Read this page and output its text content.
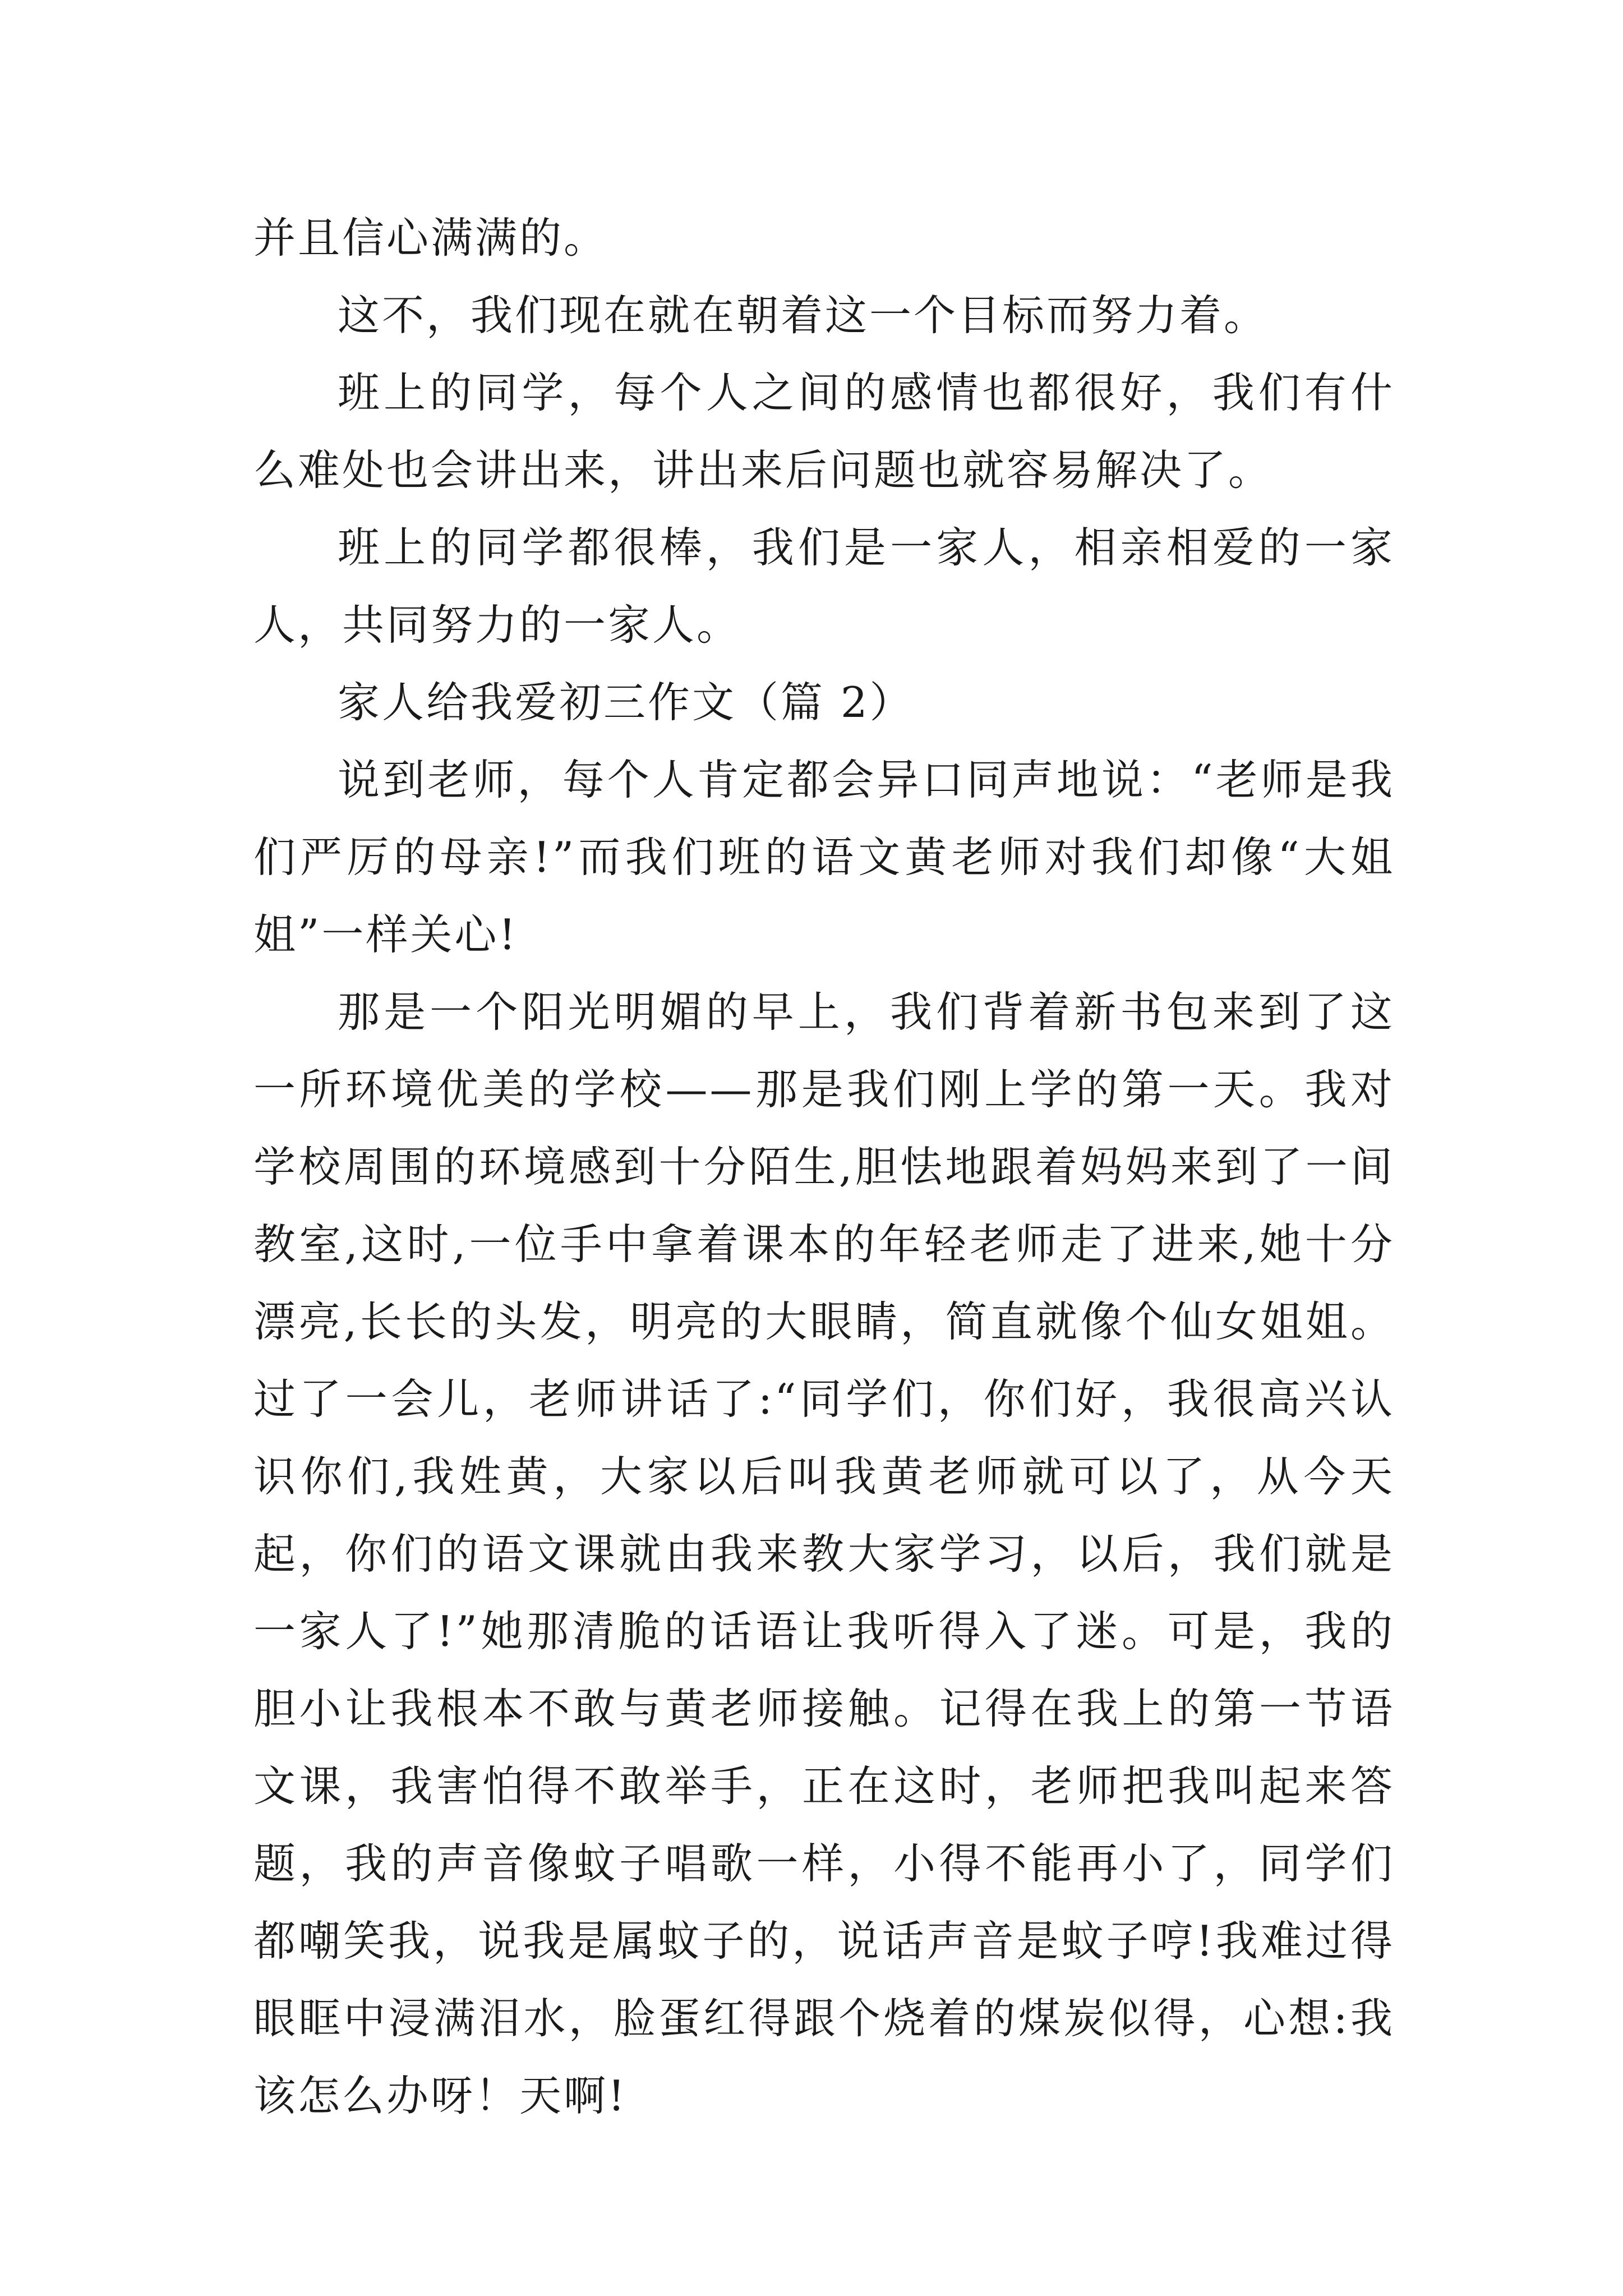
并且信心满满的。

这不，我们现在就在朝着这一个目标而努力着。

班上的同学，每个人之间的感情也都很好，我们有什么难处也会讲出来，讲出来后问题也就容易解决了。

班上的同学都很棒，我们是一家人，相亲相爱的一家人，共同努力的一家人。

家人给我爱初三作文（篇 2）

说到老师，每个人肯定都会异口同声地说：“老师是我们严厉的母亲!”而我们班的语文黄老师对我们却像“大姐姐”一样关心!

那是一个阳光明媚的早上，我们背着新书包来到了这一所环境优美的学校——那是我们刚上学的第一天。我对学校周围的环境感到十分陌生,胆怯地跟着妈妈来到了一间教室,这时,一位手中拿着课本的年轻老师走了进来,她十分漂亮,长长的头发，明亮的大眼睛，简直就像个仙女姐姐。过了一会儿，老师讲话了:“同学们，你们好，我很高兴认识你们,我姓黄，大家以后叫我黄老师就可以了，从今天起，你们的语文课就由我来教大家学习，以后，我们就是一家人了!”她那清脆的话语让我听得入了迷。可是，我的胆小让我根本不敢与黄老师接触。记得在我上的第一节语文课，我害怕得不敢举手，正在这时，老师把我叫起来答题，我的声音像蚊子唱歌一样，小得不能再小了，同学们都嘲笑我，说我是属蚊子的，说话声音是蚊子哼!我难过得眼眶中浸满泪水，脸蛋红得跟个烧着的煤炭似得，心想:我该怎么办呀！天啊!
